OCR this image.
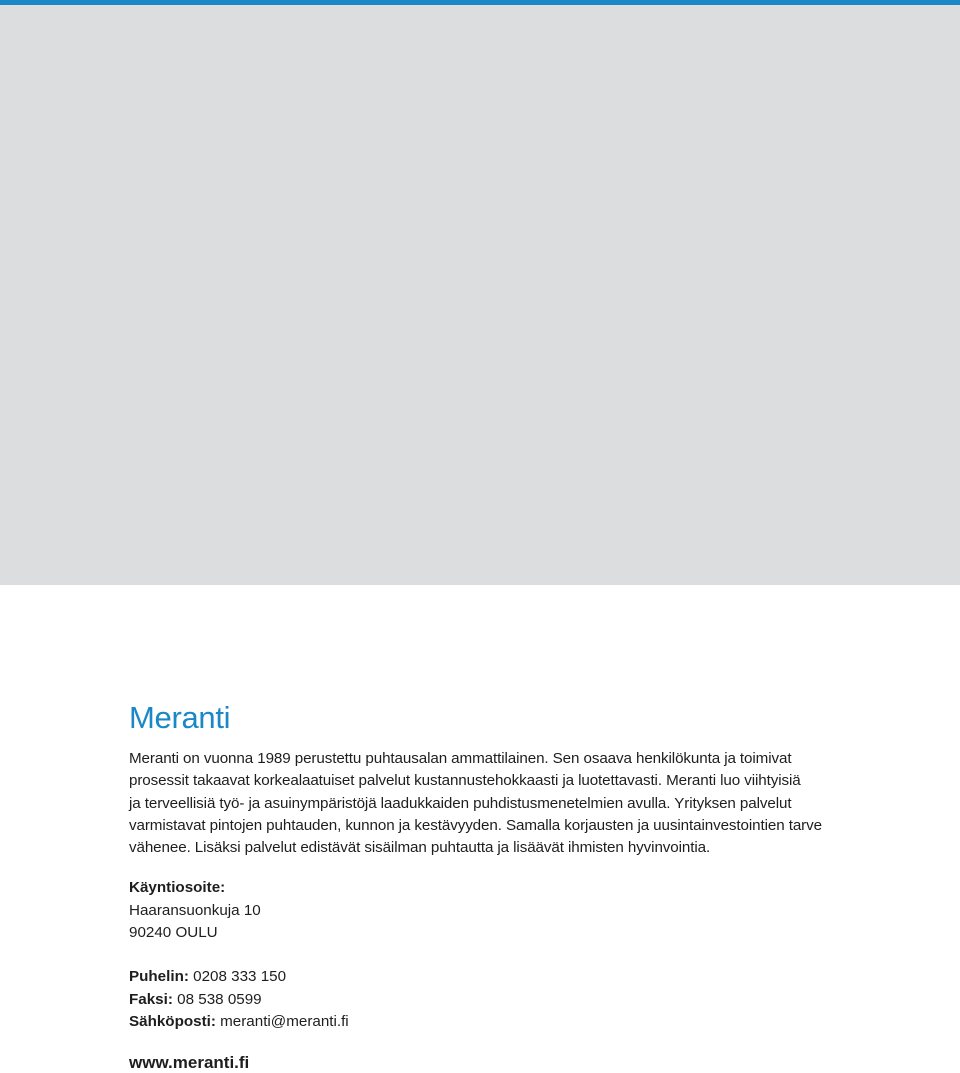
Meranti

Meranti on vuonna 1989 perustettu puhtausalan ammattilainen. Sen osaava henkilökunta ja toimivat
prosessit takaavat korkealaatuiset palvelut kustannustehokkaasti ja luotettavasti. Meranti luo viihtyisiä
ja terveellisiä työ- ja asuinympäristöjä laadukkaiden puhdistusmenetelmien avulla. Yrityksen palvelut
varmistavat pintojen puhtauden, kunnon ja kestävyyden. Samalla korjausten ja uusintainvestointien tarve
vähenee. Lisäksi palvelut edistävät sisäilman puhtautta ja lisäävät ihmisten hyvinvointia.

Käyntiosoite:
Haaransuonkuja 10
90240 OULU
Puhelin: 0208 333 150
Faksi: 08 538 0599
Sähköposti: meranti@meranti.fi
www.meranti.fi
